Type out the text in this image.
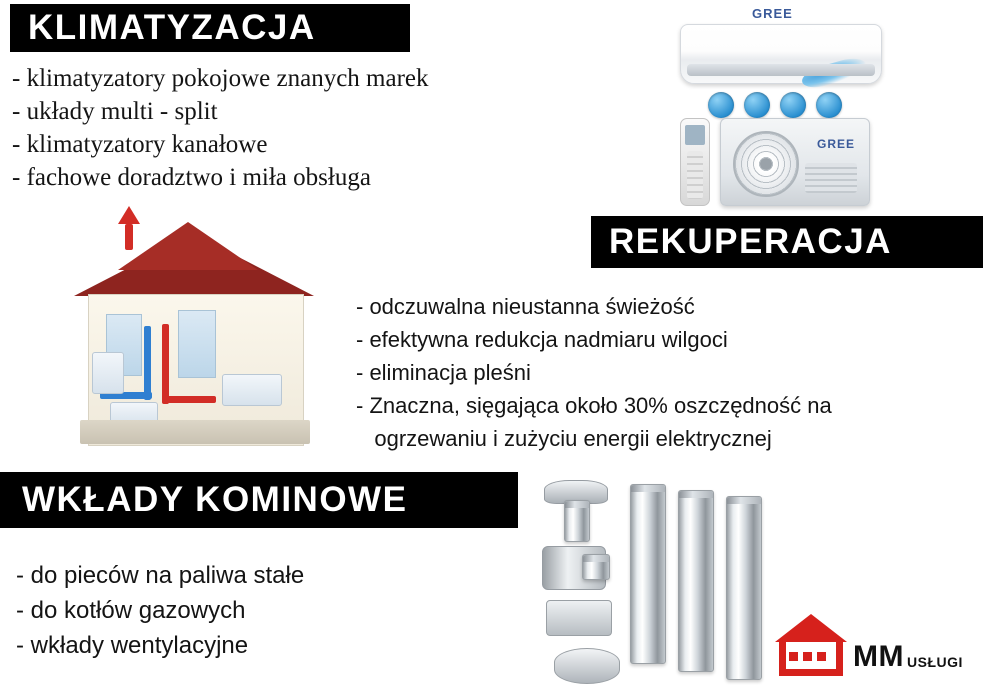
KLIMATYZACJA
- klimatyzatory pokojowe znanych marek
- układy multi - split
- klimatyzatory kanałowe
- fachowe doradztwo i miła obsługa
GREE
GREE
REKUPERACJA
- odczuwalna nieustanna świeżość
- efektywna redukcja nadmiaru wilgoci
- eliminacja pleśni
- Znaczna, sięgająca około 30% oszczędność na
ogrzewaniu i zużyciu energii elektrycznej
WKŁADY KOMINOWE
- do pieców na paliwa stałe
- do kotłów gazowych
- wkłady wentylacyjne	MM USŁUGI
